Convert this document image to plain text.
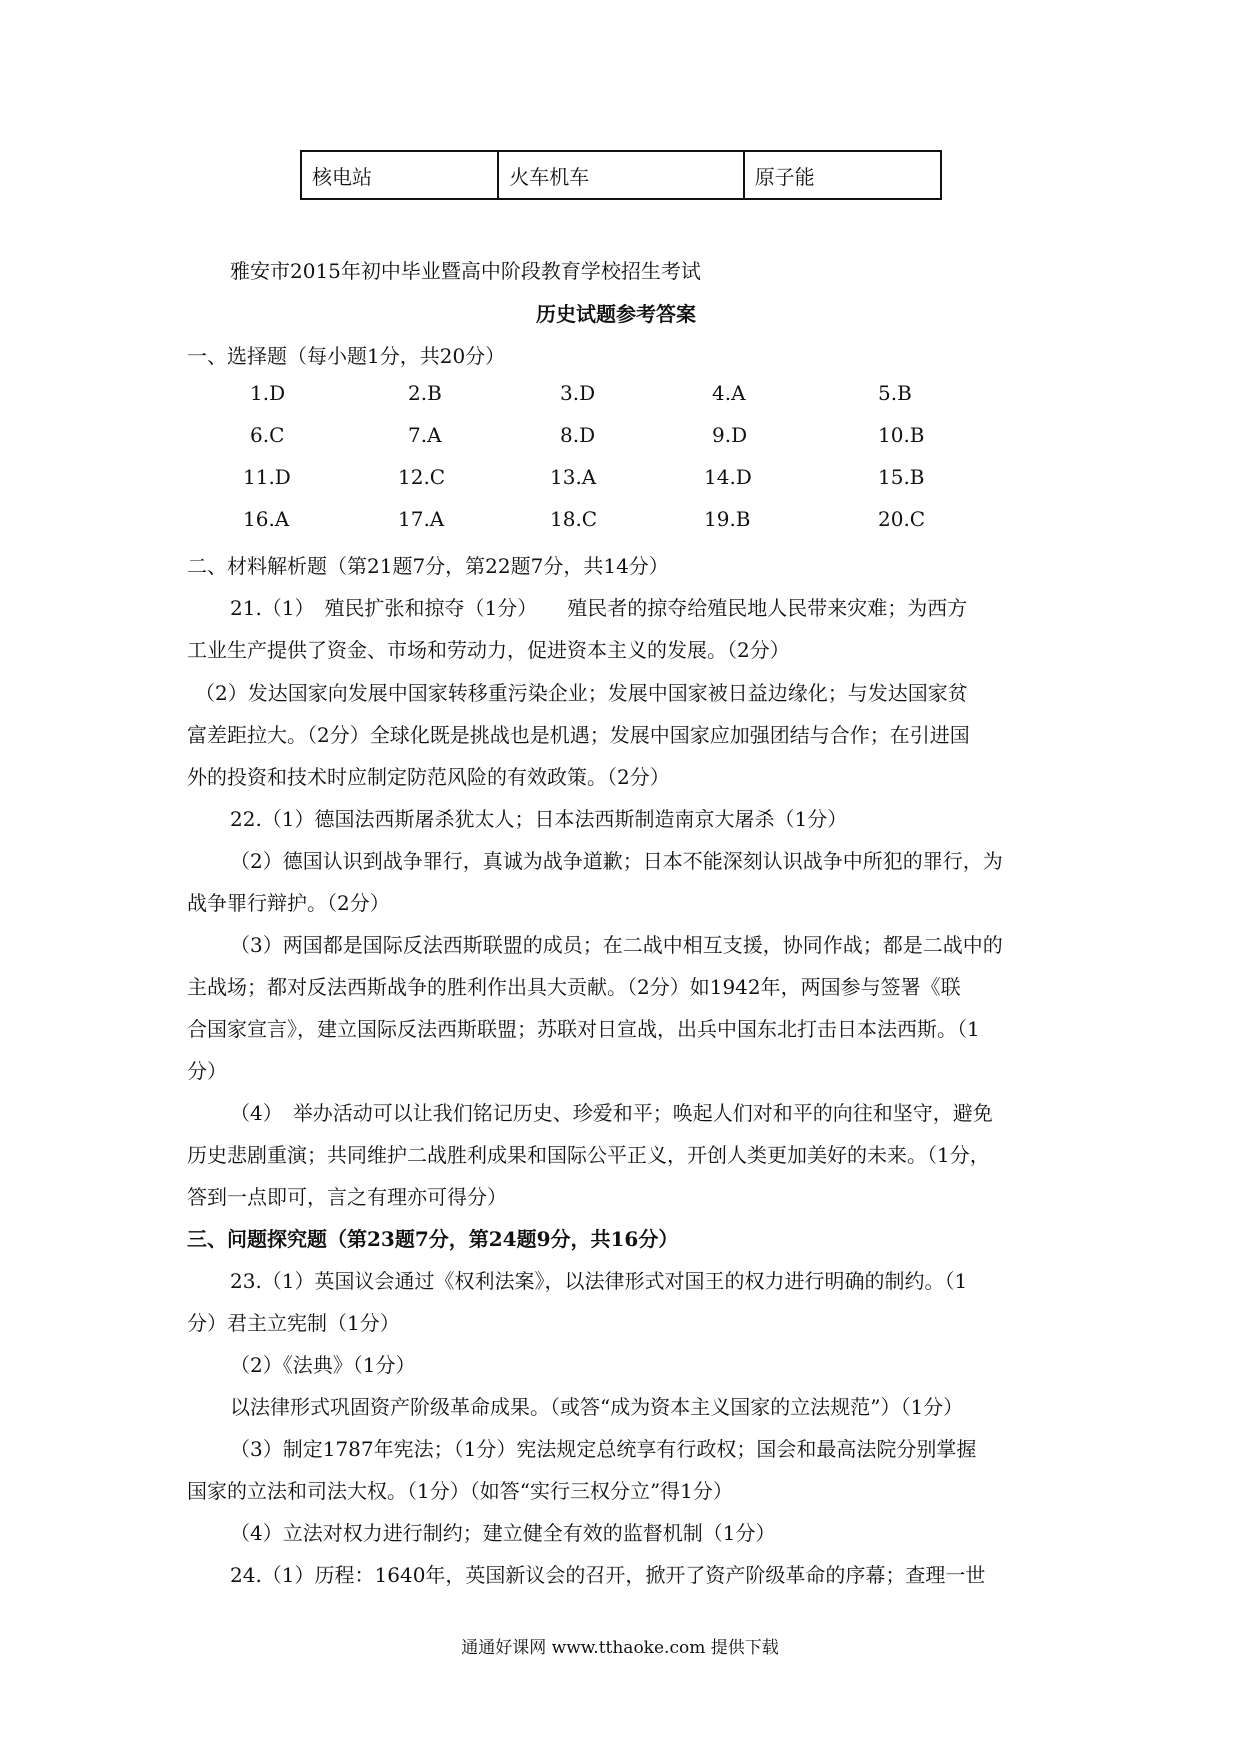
核电站	火车机车	原子能
雅安市2015年初中毕业暨高中阶段教育学校招生考试
历史试题参考答案
一、选择题（每小题1分，共20分）
1.D	2.B	3.D	4.A	5.B
6.C	7.A	8.D	9.D	10.B
11.D	12.C	13.A	14.D	15.B
16.A	17.A	18.C	19.B	20.C
二、材料解析题（第21题7分，第22题7分，共14分）
21.（1）　殖民扩张和掠夺（1分）　　殖民者的掠夺给殖民地人民带来灾难；为西方
工业生产提供了资金、市场和劳动力，促进资本主义的发展。（2分）
（2）发达国家向发展中国家转移重污染企业；发展中国家被日益边缘化；与发达国家贫
富差距拉大。（2分）全球化既是挑战也是机遇；发展中国家应加强团结与合作；在引进国
外的投资和技术时应制定防范风险的有效政策。（2分）
22.（1）德国法西斯屠杀犹太人；日本法西斯制造南京大屠杀（1分）
（2）德国认识到战争罪行，真诚为战争道歉；日本不能深刻认识战争中所犯的罪行，为
战争罪行辩护。（2分）
（3）两国都是国际反法西斯联盟的成员；在二战中相互支援，协同作战；都是二战中的
主战场；都对反法西斯战争的胜利作出具大贡献。（2分）如1942年，两国参与签署《联
合国家宣言》，建立国际反法西斯联盟；苏联对日宣战，出兵中国东北打击日本法西斯。（1
分）
（4）　举办活动可以让我们铭记历史、珍爱和平；唤起人们对和平的向往和坚守，避免
历史悲剧重演；共同维护二战胜利成果和国际公平正义，开创人类更加美好的未来。（1分，
答到一点即可，言之有理亦可得分）
三、问题探究题（第23题7分，第24题9分，共16分）
23.（1）英国议会通过《权利法案》，以法律形式对国王的权力进行明确的制约。（1
分）君主立宪制（1分）
（2）《法典》（1分）
以法律形式巩固资产阶级革命成果。（或答“成为资本主义国家的立法规范”）（1分）
（3）制定1787年宪法；（1分）宪法规定总统享有行政权；国会和最高法院分别掌握
国家的立法和司法大权。（1分）（如答“实行三权分立”得1分）
（4）立法对权力进行制约；建立健全有效的监督机制（1分）
24.（1）历程：1640年，英国新议会的召开，掀开了资产阶级革命的序幕；查理一世
通通好课网 www.tthaoke.com 提供下载
